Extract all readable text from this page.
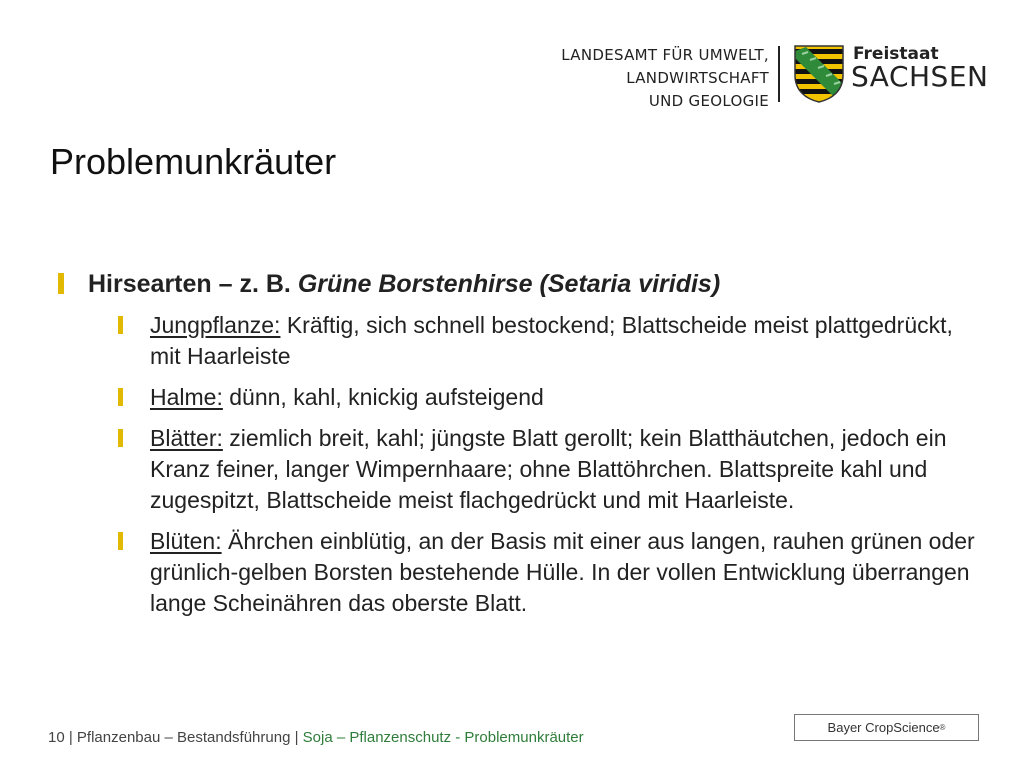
LANDESAMT FÜR UMWELT,
LANDWIRTSCHAFT
UND GEOLOGIE
Freistaat
SACHSEN
Problemunkräuter
Hirsearten – z. B. Grüne Borstenhirse (Setaria viridis)
Jungpflanze: Kräftig, sich schnell bestockend; Blattscheide meist plattgedrückt, mit Haarleiste
Halme: dünn, kahl, knickig aufsteigend
Blätter: ziemlich breit, kahl; jüngste Blatt gerollt; kein Blatthäutchen, jedoch ein Kranz feiner, langer Wimpernhaare; ohne Blattöhrchen. Blattspreite kahl und zugespitzt, Blattscheide meist flachgedrückt und mit Haarleiste.
Blüten: Ährchen einblütig, an der Basis mit einer aus langen, rauhen grünen oder grünlich-gelben Borsten bestehende Hülle. In der vollen Entwicklung überrangen lange Scheinähren das oberste Blatt.
10 | Pflanzenbau – Bestandsführung | Soja – Pflanzenschutz - Problemunkräuter
Bayer CropScience ®
